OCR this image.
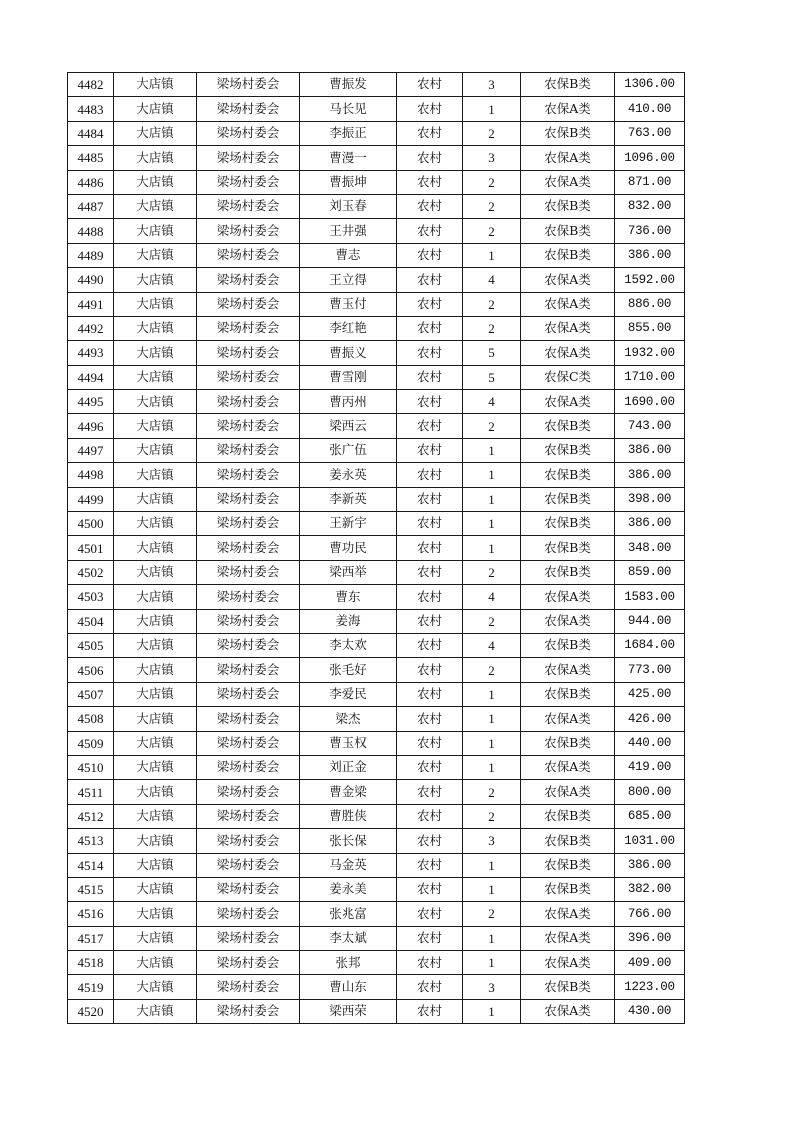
4482	大店镇	梁场村委会	曹振发	农村	3	农保B类	1306.00
4483	大店镇	梁场村委会	马长见	农村	1	农保A类	410.00
4484	大店镇	梁场村委会	李振正	农村	2	农保B类	763.00
4485	大店镇	梁场村委会	曹漫一	农村	3	农保A类	1096.00
4486	大店镇	梁场村委会	曹振坤	农村	2	农保A类	871.00
4487	大店镇	梁场村委会	刘玉春	农村	2	农保B类	832.00
4488	大店镇	梁场村委会	王井强	农村	2	农保B类	736.00
4489	大店镇	梁场村委会	曹志	农村	1	农保B类	386.00
4490	大店镇	梁场村委会	王立得	农村	4	农保A类	1592.00
4491	大店镇	梁场村委会	曹玉付	农村	2	农保A类	886.00
4492	大店镇	梁场村委会	李红艳	农村	2	农保A类	855.00
4493	大店镇	梁场村委会	曹振义	农村	5	农保A类	1932.00
4494	大店镇	梁场村委会	曹雪刚	农村	5	农保C类	1710.00
4495	大店镇	梁场村委会	曹丙州	农村	4	农保A类	1690.00
4496	大店镇	梁场村委会	梁西云	农村	2	农保B类	743.00
4497	大店镇	梁场村委会	张广伍	农村	1	农保B类	386.00
4498	大店镇	梁场村委会	姜永英	农村	1	农保B类	386.00
4499	大店镇	梁场村委会	李新英	农村	1	农保B类	398.00
4500	大店镇	梁场村委会	王新宇	农村	1	农保B类	386.00
4501	大店镇	梁场村委会	曹功民	农村	1	农保B类	348.00
4502	大店镇	梁场村委会	梁西举	农村	2	农保B类	859.00
4503	大店镇	梁场村委会	曹东	农村	4	农保A类	1583.00
4504	大店镇	梁场村委会	姜海	农村	2	农保A类	944.00
4505	大店镇	梁场村委会	李太欢	农村	4	农保B类	1684.00
4506	大店镇	梁场村委会	张毛好	农村	2	农保A类	773.00
4507	大店镇	梁场村委会	李爱民	农村	1	农保B类	425.00
4508	大店镇	梁场村委会	梁杰	农村	1	农保A类	426.00
4509	大店镇	梁场村委会	曹玉权	农村	1	农保B类	440.00
4510	大店镇	梁场村委会	刘正金	农村	1	农保A类	419.00
4511	大店镇	梁场村委会	曹金梁	农村	2	农保A类	800.00
4512	大店镇	梁场村委会	曹胜侠	农村	2	农保B类	685.00
4513	大店镇	梁场村委会	张长保	农村	3	农保B类	1031.00
4514	大店镇	梁场村委会	马金英	农村	1	农保B类	386.00
4515	大店镇	梁场村委会	姜永美	农村	1	农保B类	382.00
4516	大店镇	梁场村委会	张兆富	农村	2	农保A类	766.00
4517	大店镇	梁场村委会	李太斌	农村	1	农保A类	396.00
4518	大店镇	梁场村委会	张邦	农村	1	农保A类	409.00
4519	大店镇	梁场村委会	曹山东	农村	3	农保B类	1223.00
4520	大店镇	梁场村委会	梁西荣	农村	1	农保A类	430.00
